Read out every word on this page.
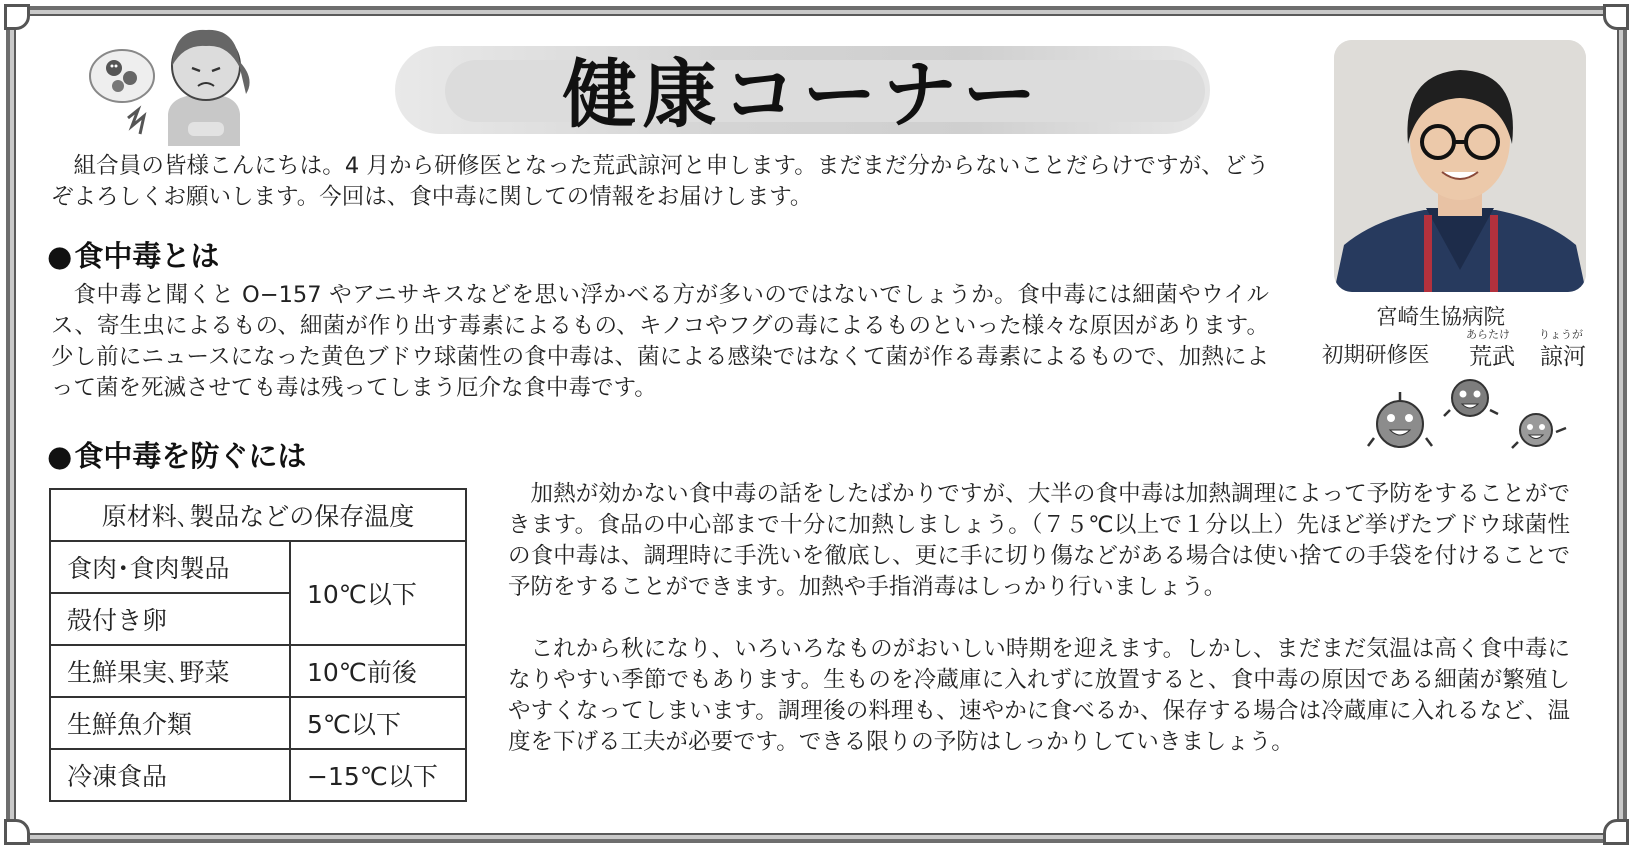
健康コーナー

宮崎生協病院

初期研修医

あらたけ

荒武

りょうが

諒河

組合員の皆様こんにちは。4 月から研修医となった荒武諒河と申します。まだまだ分からないことだらけですが、どうぞよろしくお願いします。今回は、食中毒に関しての情報をお届けします。

●食中毒とは

食中毒と聞くと O−157 やアニサキスなどを思い浮かべる方が多いのではないでしょうか。食中毒には細菌やウイルス、寄生虫によるもの、細菌が作り出す毒素によるもの、キノコやフグの毒によるものといった様々な原因があります。少し前にニュースになった黄色ブドウ球菌性の食中毒は、菌による感染ではなくて菌が作る毒素によるもので、加熱によって菌を死滅させても毒は残ってしまう厄介な食中毒です。

●食中毒を防ぐには
原材料､製品などの保存温度	
食肉･食肉製品	10℃以下
殻付き卵	
生鮮果実､野菜	10℃前後
生鮮魚介類	5℃以下
冷凍食品	−15℃以下

加熱が効かない食中毒の話をしたばかりですが、大半の食中毒は加熱調理によって予防をすることができます。食品の中心部まで十分に加熱しましょう。（７５℃以上で１分以上）先ほど挙げたブドウ球菌性の食中毒は、調理時に手洗いを徹底し、更に手に切り傷などがある場合は使い捨ての手袋を付けることで予防をすることができます。加熱や手指消毒はしっかり行いましょう。

これから秋になり、いろいろなものがおいしい時期を迎えます。しかし、まだまだ気温は高く食中毒になりやすい季節でもあります。生ものを冷蔵庫に入れずに放置すると、食中毒の原因である細菌が繁殖しやすくなってしまいます。調理後の料理も、速やかに食べるか、保存する場合は冷蔵庫に入れるなど、温度を下げる工夫が必要です。できる限りの予防はしっかりしていきましょう。
